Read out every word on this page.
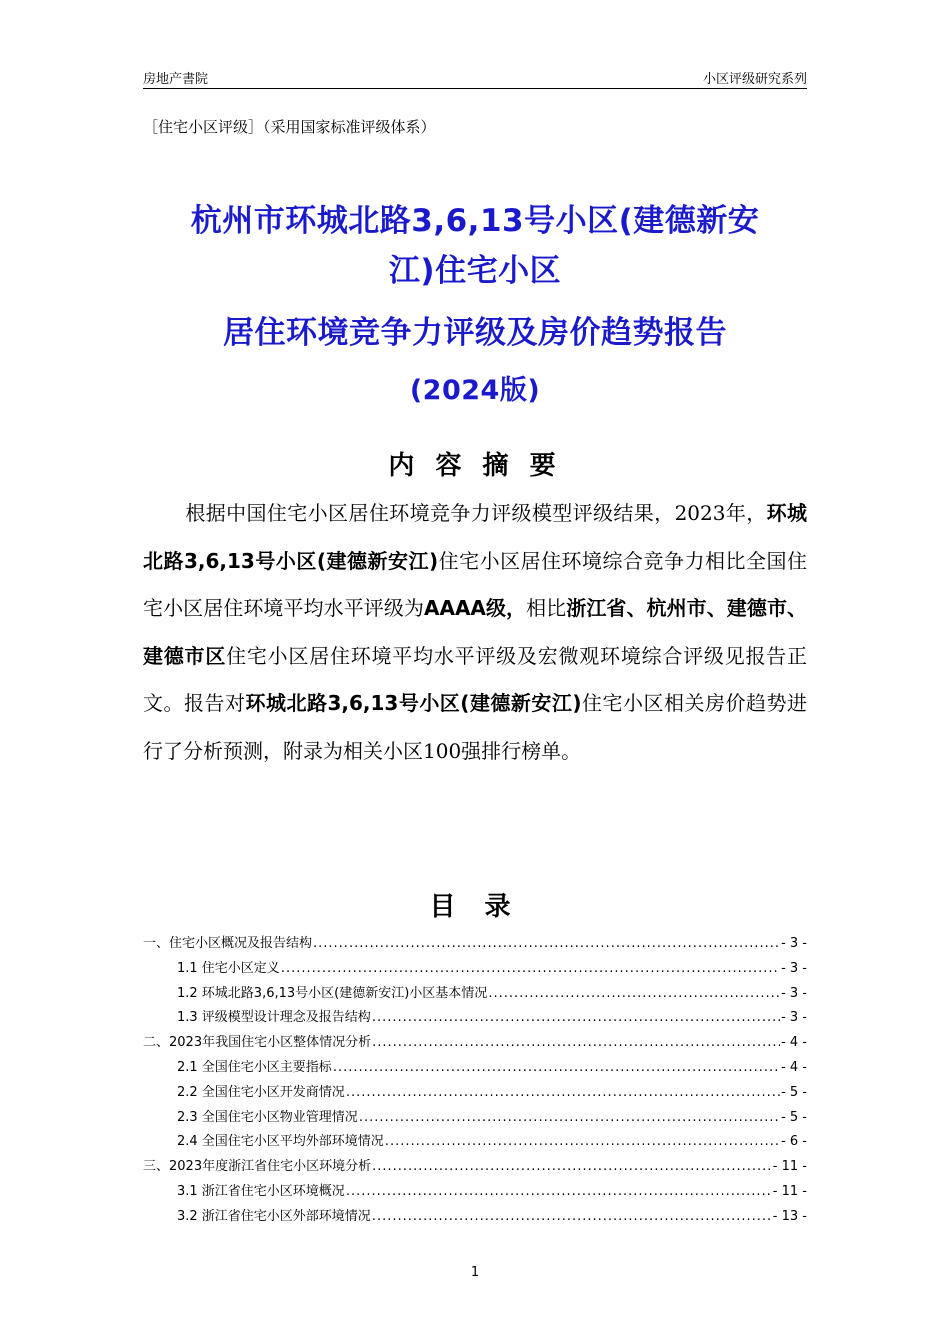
房地产書院	小区评级研究系列
［住宅小区评级］（采用国家标准评级体系）
杭州市环城北路3,6,13号小区(建德新安
江)住宅小区
居住环境竞争力评级及房价趋势报告
(2024版)
内 容 摘 要
根据中国住宅小区居住环境竞争力评级模型评级结果，2023年，环城北路3,6,13号小区(建德新安江)住宅小区居住环境综合竞争力相比全国住宅小区居住环境平均水平评级为AAAA级，相比浙江省、杭州市、建德市、建德市区住宅小区居住环境平均水平评级及宏微观环境综合评级见报告正文。报告对环城北路3,6,13号小区(建德新安江)住宅小区相关房价趋势进行了分析预测，附录为相关小区100强排行榜单。
目 录
一、住宅小区概况及报告结构 .....	- 3 -
1.1 住宅小区定义 .....	- 3 -
1.2 环城北路3,6,13号小区(建德新安江)小区基本情况 .....	- 3 -
1.3 评级模型设计理念及报告结构 .....	- 3 -
二、2023年我国住宅小区整体情况分析 .....	- 4 -
2.1 全国住宅小区主要指标 .....	- 4 -
2.2 全国住宅小区开发商情况 .....	- 5 -
2.3 全国住宅小区物业管理情况 .....	- 5 -
2.4 全国住宅小区平均外部环境情况 .....	- 6 -
三、2023年度浙江省住宅小区环境分析 .....	- 11 -
3.1 浙江省住宅小区环境概况 .....	- 11 -
3.2 浙江省住宅小区外部环境情况 .....	- 13 -
1
